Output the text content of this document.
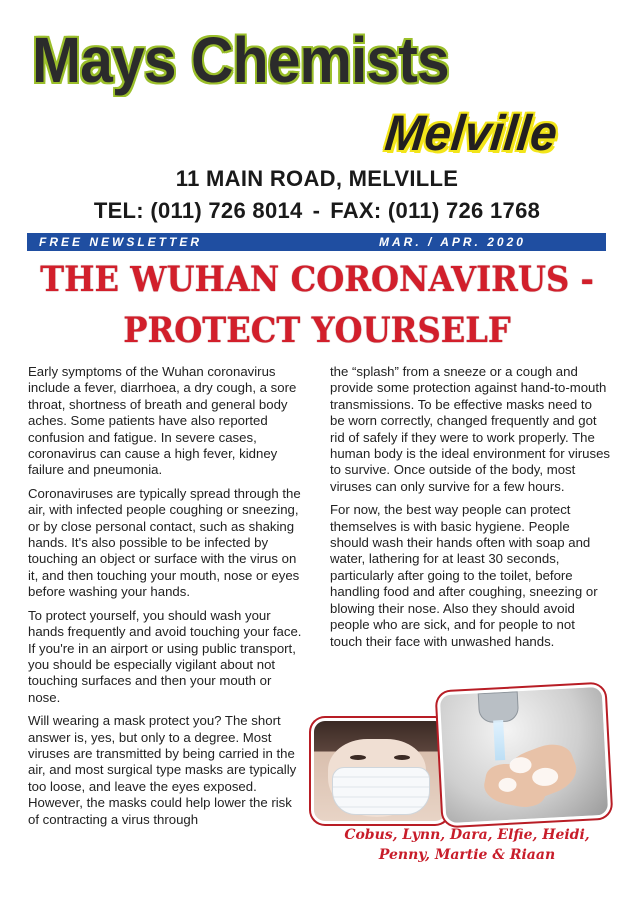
Mays Chemists
Melville
11 MAIN ROAD, MELVILLE
TEL: (011) 726 8014 - FAX: (011) 726 1768
FREE NEWSLETTER	MAR. / APR. 2020
THE WUHAN CORONAVIRUS -
PROTECT YOURSELF

Early symptoms of the Wuhan coronavirus include a fever, diarrhoea, a dry cough, a sore throat, shortness of breath and general body aches. Some patients have also reported confusion and fatigue. In severe cases, coronavirus can cause a high fever, kidney failure and pneumonia.

Coronaviruses are typically spread through the air, with infected people coughing or sneezing, or by close personal contact, such as shaking hands. It's also possible to be infected by touching an object or surface with the virus on it, and then touching your mouth, nose or eyes before washing your hands.

To protect yourself, you should wash your hands frequently and avoid touching your face. If you're in an airport or using public transport, you should be especially vigilant about not touching surfaces and then your mouth or nose.

Will wearing a mask protect you? The short answer is, yes, but only to a degree. Most viruses are transmitted by being carried in the air, and most surgical type masks are typically too loose, and leave the eyes exposed. However, the masks could help lower the risk of contracting a virus through

the “splash” from a sneeze or a cough and provide some protection against hand-to-mouth transmissions. To be effective masks need to be worn correctly, changed frequently and got rid of safely if they were to work properly. The human body is the ideal environment for viruses to survive. Once outside of the body, most viruses can only survive for a few hours.

For now, the best way people can protect themselves is with basic hygiene. People should wash their hands often with soap and water, lathering for at least 30 seconds, particularly after going to the toilet, before handling food and after coughing, sneezing or blowing their nose. Also they should avoid people who are sick, and for people to not touch their face with unwashed hands.

Cobus, Lynn, Dara, Elfie, Heidi,
Penny, Martie & Riaan
